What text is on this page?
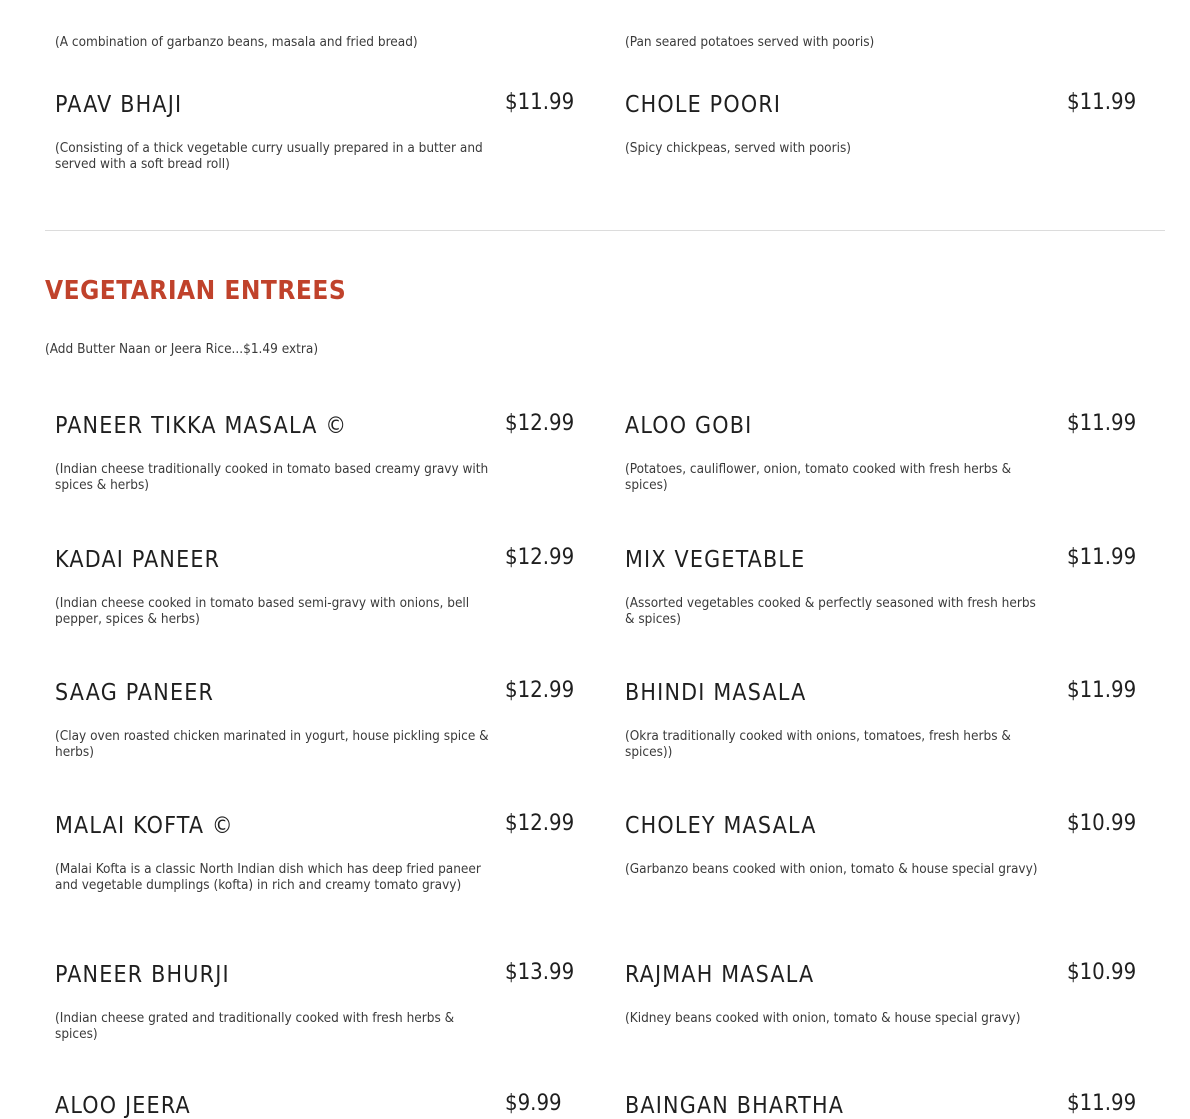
(A combination of garbanzo beans, masala and fried bread)	(Pan seared potatoes served with pooris)
PAAV BHAJI	$11.99
(Consisting of a thick vegetable curry usually prepared in a butter and served with a soft bread roll)
CHOLE POORI	$11.99
(Spicy chickpeas, served with pooris)
VEGETARIAN ENTREES
(Add Butter Naan or Jeera Rice...$1.49 extra)
PANEER TIKKA MASALA ©	$12.99
(Indian cheese traditionally cooked in tomato based creamy gravy with spices & herbs)
KADAI PANEER	$12.99
(Indian cheese cooked in tomato based semi-gravy with onions, bell pepper, spices & herbs)
SAAG PANEER	$12.99
(Clay oven roasted chicken marinated in yogurt, house pickling spice & herbs)
MALAI KOFTA ©	$12.99
(Malai Kofta is a classic North Indian dish which has deep fried paneer and vegetable dumplings (kofta) in rich and creamy tomato gravy)
PANEER BHURJI	$13.99
(Indian cheese grated and traditionally cooked with fresh herbs & spices)
ALOO JEERA	$9.99
ALOO GOBI	$11.99
(Potatoes, cauliflower, onion, tomato cooked with fresh herbs & spices)
MIX VEGETABLE	$11.99
(Assorted vegetables cooked & perfectly seasoned with fresh herbs & spices)
BHINDI MASALA	$11.99
(Okra traditionally cooked with onions, tomatoes, fresh herbs & spices))
CHOLEY MASALA	$10.99
(Garbanzo beans cooked with onion, tomato & house special gravy)
RAJMAH MASALA	$10.99
(Kidney beans cooked with onion, tomato & house special gravy)
BAINGAN BHARTHA	$11.99
